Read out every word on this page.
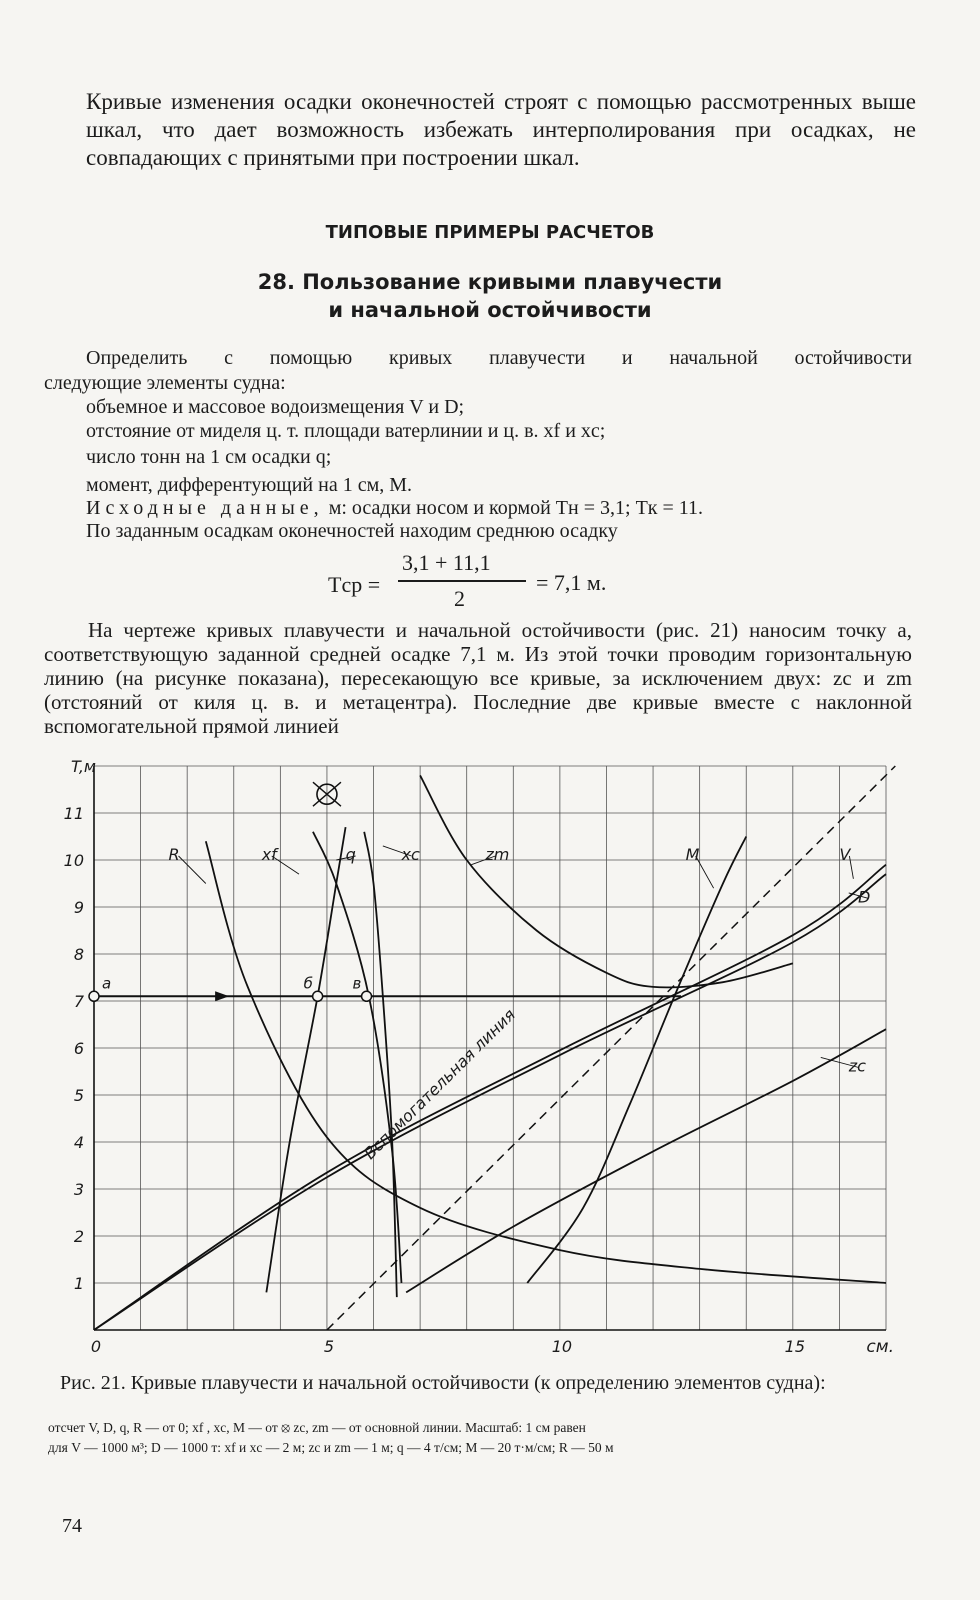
Кривые изменения осадки оконечностей строят с помощью рассмотренных выше шкал, что дает возможность избежать интерполирования при осадках, не совпадающих с принятыми при построении шкал.

ТИПОВЫЕ ПРИМЕРЫ РАСЧЕТОВ

28. Пользование кривыми плавучести

и начальной остойчивости

Определить с помощью кривых плавучести и начальной остойчивости

следующие элементы судна:

объемное и массовое водоизмещения V и D;

отстояние от миделя ц. т. площади ватерлинии и ц. в. xf и xc;

число тонн на 1 см осадки q;

момент, дифферентующий на 1 см, M.

Исходные данные, м: осадки носом и кормой Tн = 3,1; Tк = 11.

По заданным осадкам оконечностей находим среднюю осадку

Tср =
3,1 + 11,1
2
= 7,1 м.

На чертеже кривых плавучести и начальной остойчивости (рис. 21) наносим точку a, соответствующую заданной средней осадке 7,1 м. Из этой точки проводим горизонтальную линию (на рисунке показана), пересекающую все кривые, за исключением двух: zc и zm (отстояний от киля ц. в. и метацентра). Последние две кривые вместе с наклонной вспомогательной прямой линией

1
2
3
4
5
6
7
8
9
10
11
0	5	10	15
T,м
см.
Вспомогательная линия
a	б	в
R	xf	q	xc	zm	M	V
D
zc
Рис. 21. Кривые плавучести и начальной остойчивости (к определению элементов судна):
отсчет V, D, q, R — от 0; xf , xc, M — от ⦻ zc, zm — от основной линии. Масштаб: 1 см равен
для V — 1000 м³; D — 1000 т: xf и xc — 2 м; zc и zm — 1 м; q — 4 т/см; M — 20 т·м/см; R — 50 м
74
